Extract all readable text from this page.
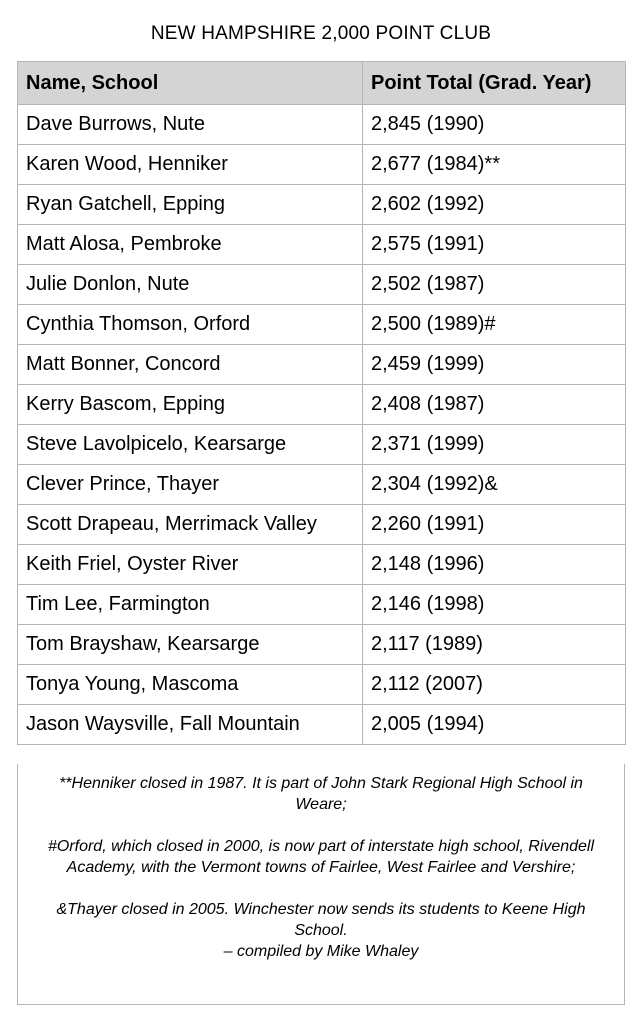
NEW HAMPSHIRE 2,000 POINT CLUB
Name, School	Point Total (Grad. Year)
Dave Burrows, Nute	2,845 (1990)
Karen Wood, Henniker	2,677 (1984)**
Ryan Gatchell, Epping	2,602 (1992)
Matt Alosa, Pembroke	2,575 (1991)
Julie Donlon, Nute	2,502 (1987)
Cynthia Thomson, Orford	2,500 (1989)#
Matt Bonner, Concord	2,459 (1999)
Kerry Bascom, Epping	2,408 (1987)
Steve Lavolpicelo, Kearsarge	2,371 (1999)
Clever Prince, Thayer	2,304 (1992)&
Scott Drapeau, Merrimack Valley	2,260 (1991)
Keith Friel, Oyster River	2,148 (1996)
Tim Lee, Farmington	2,146 (1998)
Tom Brayshaw, Kearsarge	2,117 (1989)
Tonya Young, Mascoma	2,112 (2007)
Jason Waysville, Fall Mountain	2,005 (1994)

**Henniker closed in 1987. It is part of John Stark Regional High School in Weare;

#Orford, which closed in 2000, is now part of interstate high school, Rivendell Academy, with the Vermont towns of Fairlee, West Fairlee and Vershire;

&Thayer closed in 2005. Winchester now sends its students to Keene High School.

– compiled by Mike Whaley
